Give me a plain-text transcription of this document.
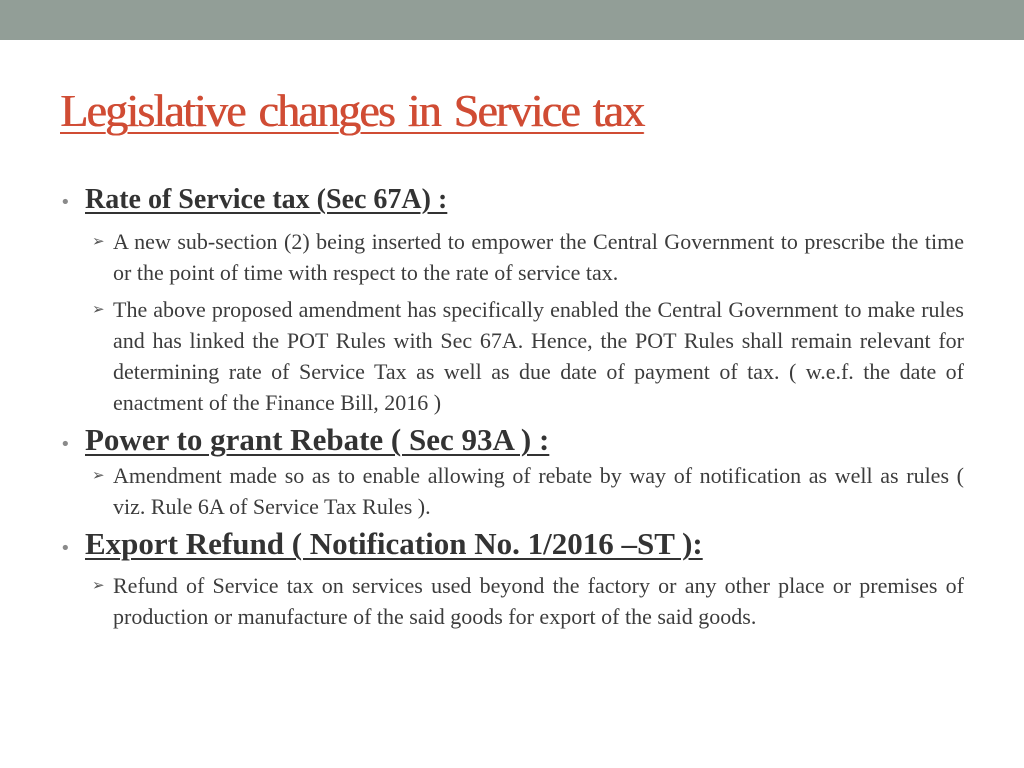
Legislative changes in Service tax
• Rate of Service tax (Sec 67A) :
➢ A new sub-section (2) being inserted to empower the Central Government to prescribe the time or the point of time with respect to the rate of service tax.
➢ The above proposed amendment has specifically enabled the Central Government to make rules and has linked the POT Rules with Sec 67A. Hence, the POT Rules shall remain relevant for determining rate of Service Tax as well as due date of payment of tax. ( w.e.f. the date of enactment of the Finance Bill, 2016 )
• Power to grant Rebate ( Sec 93A ) :
➢ Amendment made so as to enable allowing of rebate by way of notification as well as rules ( viz. Rule 6A of Service Tax Rules ).
• Export Refund ( Notification No. 1/2016 –ST ):
➢ Refund of Service tax on services used beyond the factory or any other place or premises of production or manufacture of the said goods for export of the said goods.
